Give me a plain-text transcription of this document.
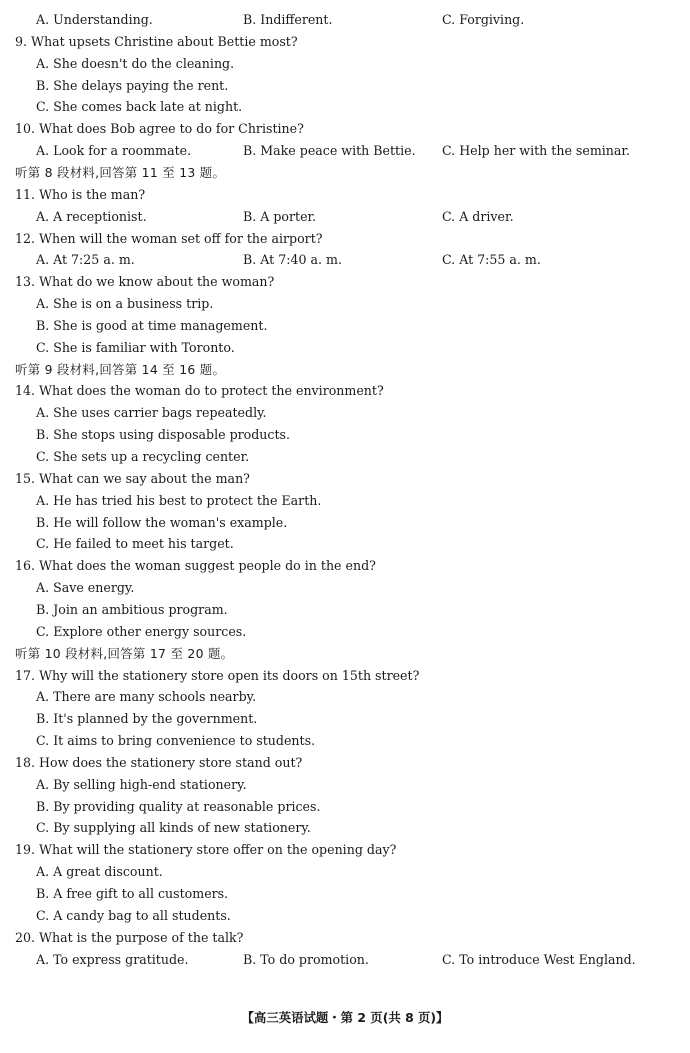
A. Understanding.	B. Indifferent.	C. Forgiving.
9. What upsets Christine about Bettie most?
A. She doesn't do the cleaning.
B. She delays paying the rent.
C. She comes back late at night.
10. What does Bob agree to do for Christine?
A. Look for a roommate.	B. Make peace with Bettie. C. Help her with the seminar.
听第 8 段材料,回答第 11 至 13 题。
11. Who is the man?
A. A receptionist.	B. A porter.	C. A driver.
12. When will the woman set off for the airport?
A. At 7:25 a. m.	B. At 7:40 a. m.	C. At 7:55 a. m.
13. What do we know about the woman?
A. She is on a business trip.
B. She is good at time management.
C. She is familiar with Toronto.
听第 9 段材料,回答第 14 至 16 题。
14. What does the woman do to protect the environment?
A. She uses carrier bags repeatedly.
B. She stops using disposable products.
C. She sets up a recycling center.
15. What can we say about the man?
A. He has tried his best to protect the Earth.
B. He will follow the woman's example.
C. He failed to meet his target.
16. What does the woman suggest people do in the end?
A. Save energy.
B. Join an ambitious program.
C. Explore other energy sources.
听第 10 段材料,回答第 17 至 20 题。
17. Why will the stationery store open its doors on 15th street?
A. There are many schools nearby.
B. It's planned by the government.
C. It aims to bring convenience to students.
18. How does the stationery store stand out?
A. By selling high-end stationery.
B. By providing quality at reasonable prices.
C. By supplying all kinds of new stationery.
19. What will the stationery store offer on the opening day?
A. A great discount.
B. A free gift to all customers.
C. A candy bag to all students.
20. What is the purpose of the talk?
A. To express gratitude.	B. To do promotion.	C. To introduce West England.
【高三英语试题・第 2 页(共 8 页)】
